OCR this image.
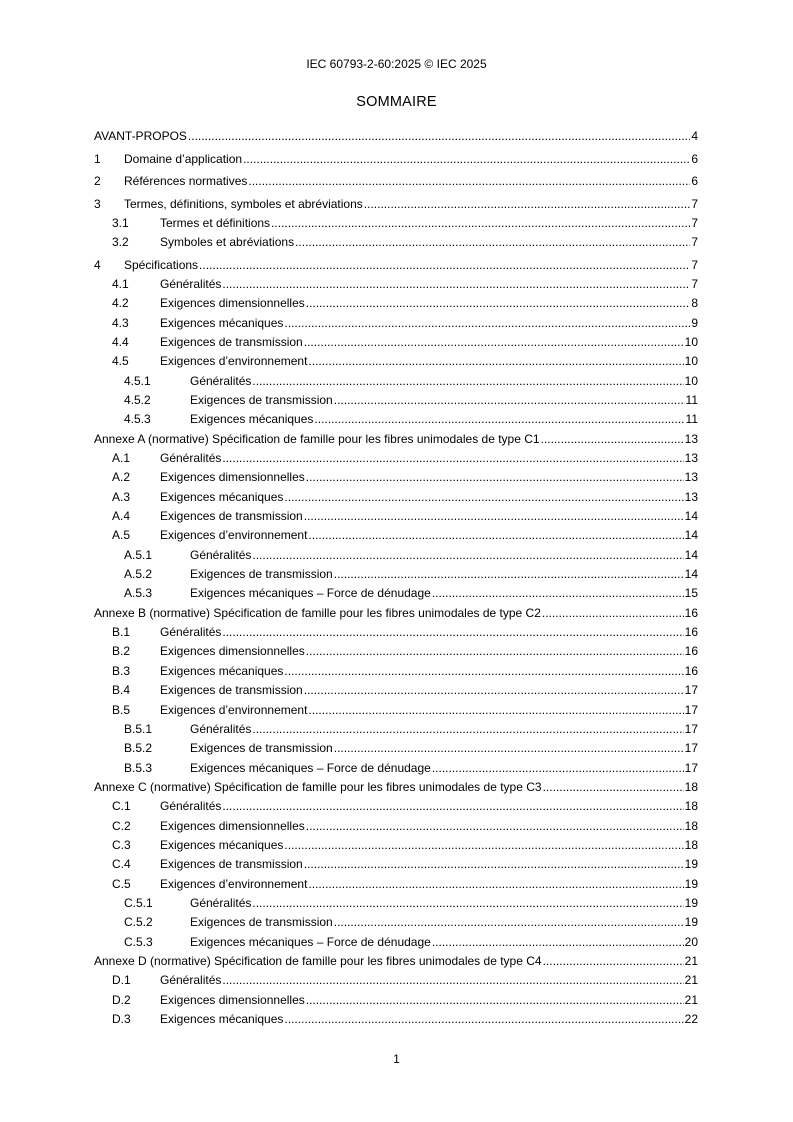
IEC 60793-2-60:2025 © IEC 2025
SOMMAIRE
AVANT-PROPOS .....	4
1	Domaine d’application .....	6
2	Références normatives .....	6
3	Termes, définitions, symboles et abréviations .....	7
3.1	Termes et définitions .....	7
3.2	Symboles et abréviations .....	7
4	Spécifications .....	7
4.1	Généralités .....	7
4.2	Exigences dimensionnelles .....	8
4.3	Exigences mécaniques .....	9
4.4	Exigences de transmission .....	10
4.5	Exigences d’environnement .....	10
4.5.1	Généralités .....	10
4.5.2	Exigences de transmission .....	11
4.5.3	Exigences mécaniques .....	11
Annexe A (normative) Spécification de famille pour les fibres unimodales de type C1 .....	13
A.1	Généralités .....	13
A.2	Exigences dimensionnelles .....	13
A.3	Exigences mécaniques .....	13
A.4	Exigences de transmission .....	14
A.5	Exigences d’environnement .....	14
A.5.1	Généralités .....	14
A.5.2	Exigences de transmission .....	14
A.5.3	Exigences mécaniques – Force de dénudage .....	15
Annexe B (normative) Spécification de famille pour les fibres unimodales de type C2 .....	16
B.1	Généralités .....	16
B.2	Exigences dimensionnelles .....	16
B.3	Exigences mécaniques .....	16
B.4	Exigences de transmission .....	17
B.5	Exigences d’environnement .....	17
B.5.1	Généralités .....	17
B.5.2	Exigences de transmission .....	17
B.5.3	Exigences mécaniques – Force de dénudage .....	17
Annexe C (normative) Spécification de famille pour les fibres unimodales de type C3 .....	18
C.1	Généralités .....	18
C.2	Exigences dimensionnelles .....	18
C.3	Exigences mécaniques .....	18
C.4	Exigences de transmission .....	19
C.5	Exigences d’environnement .....	19
C.5.1	Généralités .....	19
C.5.2	Exigences de transmission .....	19
C.5.3	Exigences mécaniques – Force de dénudage .....	20
Annexe D (normative) Spécification de famille pour les fibres unimodales de type C4 .....	21
D.1	Généralités .....	21
D.2	Exigences dimensionnelles .....	21
D.3	Exigences mécaniques .....	22
1
